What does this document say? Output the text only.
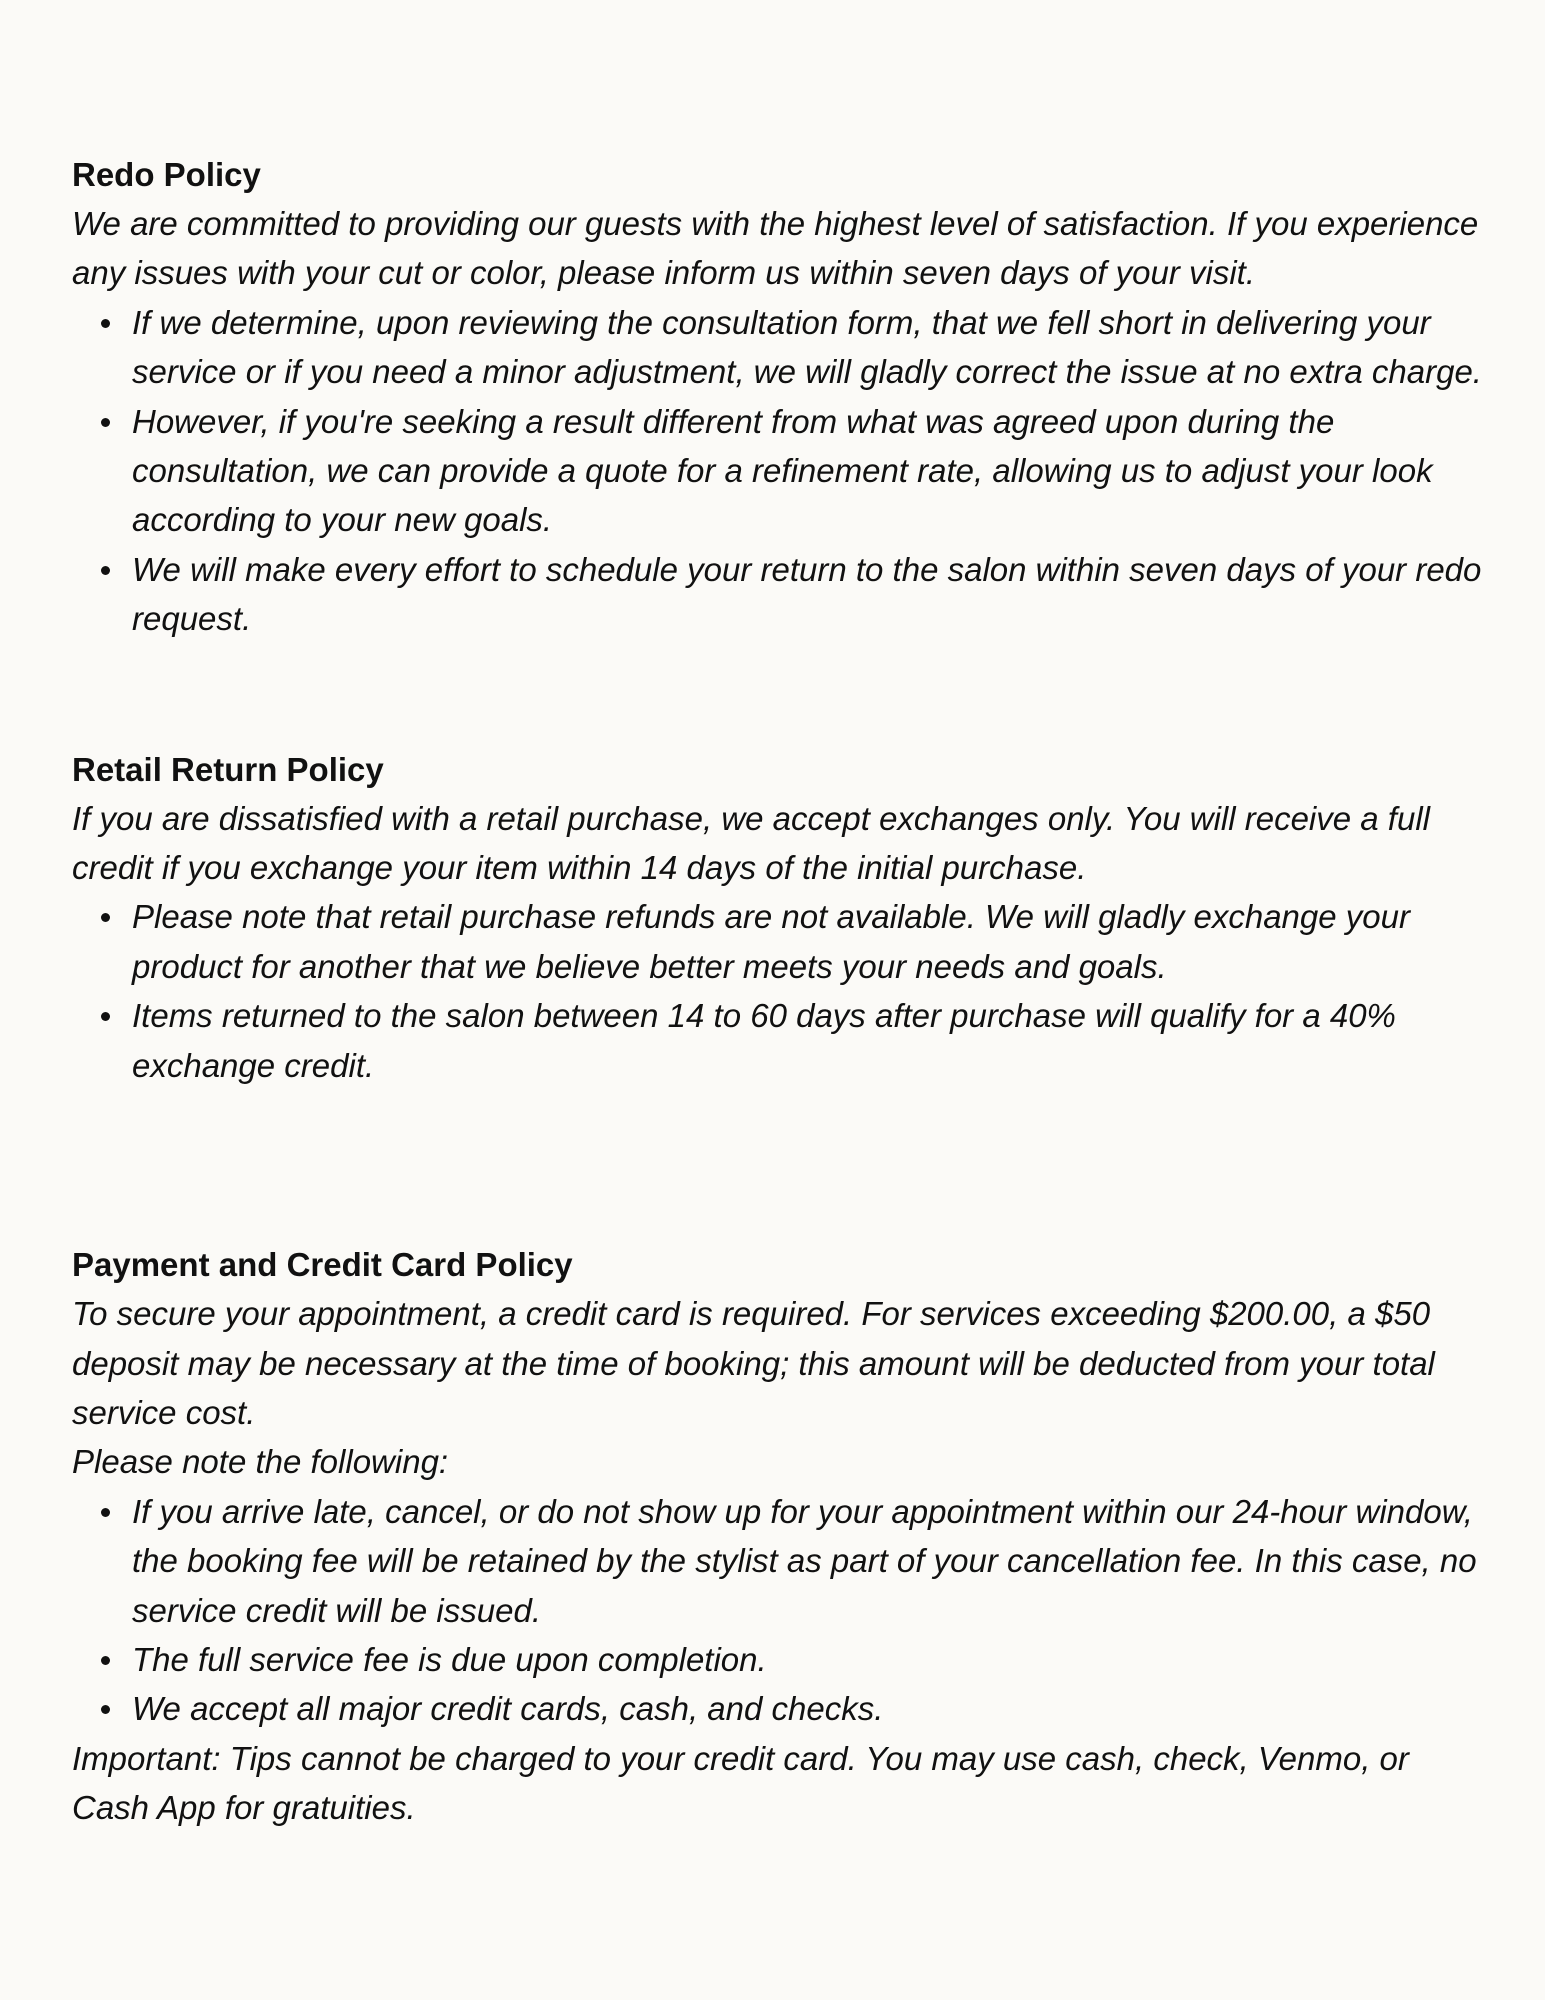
Redo Policy

We are committed to providing our guests with the highest level of satisfaction. If you experience any issues with your cut or color, please inform us within seven days of your visit.

If we determine, upon reviewing the consultation form, that we fell short in delivering your service or if you need a minor adjustment, we will gladly correct the issue at no extra charge.
However, if you're seeking a result different from what was agreed upon during the consultation, we can provide a quote for a refinement rate, allowing us to adjust your look according to your new goals.
We will make every effort to schedule your return to the salon within seven days of your redo request.
Retail Return Policy

If you are dissatisfied with a retail purchase, we accept exchanges only. You will receive a full credit if you exchange your item within 14 days of the initial purchase.

Please note that retail purchase refunds are not available. We will gladly exchange your product for another that we believe better meets your needs and goals.
Items returned to the salon between 14 to 60 days after purchase will qualify for a 40% exchange credit.
Payment and Credit Card Policy

To secure your appointment, a credit card is required. For services exceeding $200.00, a $50 deposit may be necessary at the time of booking; this amount will be deducted from your total service cost.

Please note the following:

If you arrive late, cancel, or do not show up for your appointment within our 24-hour window, the booking fee will be retained by the stylist as part of your cancellation fee. In this case, no service credit will be issued.
The full service fee is due upon completion.
We accept all major credit cards, cash, and checks.

Important: Tips cannot be charged to your credit card. You may use cash, check, Venmo, or Cash App for gratuities.
